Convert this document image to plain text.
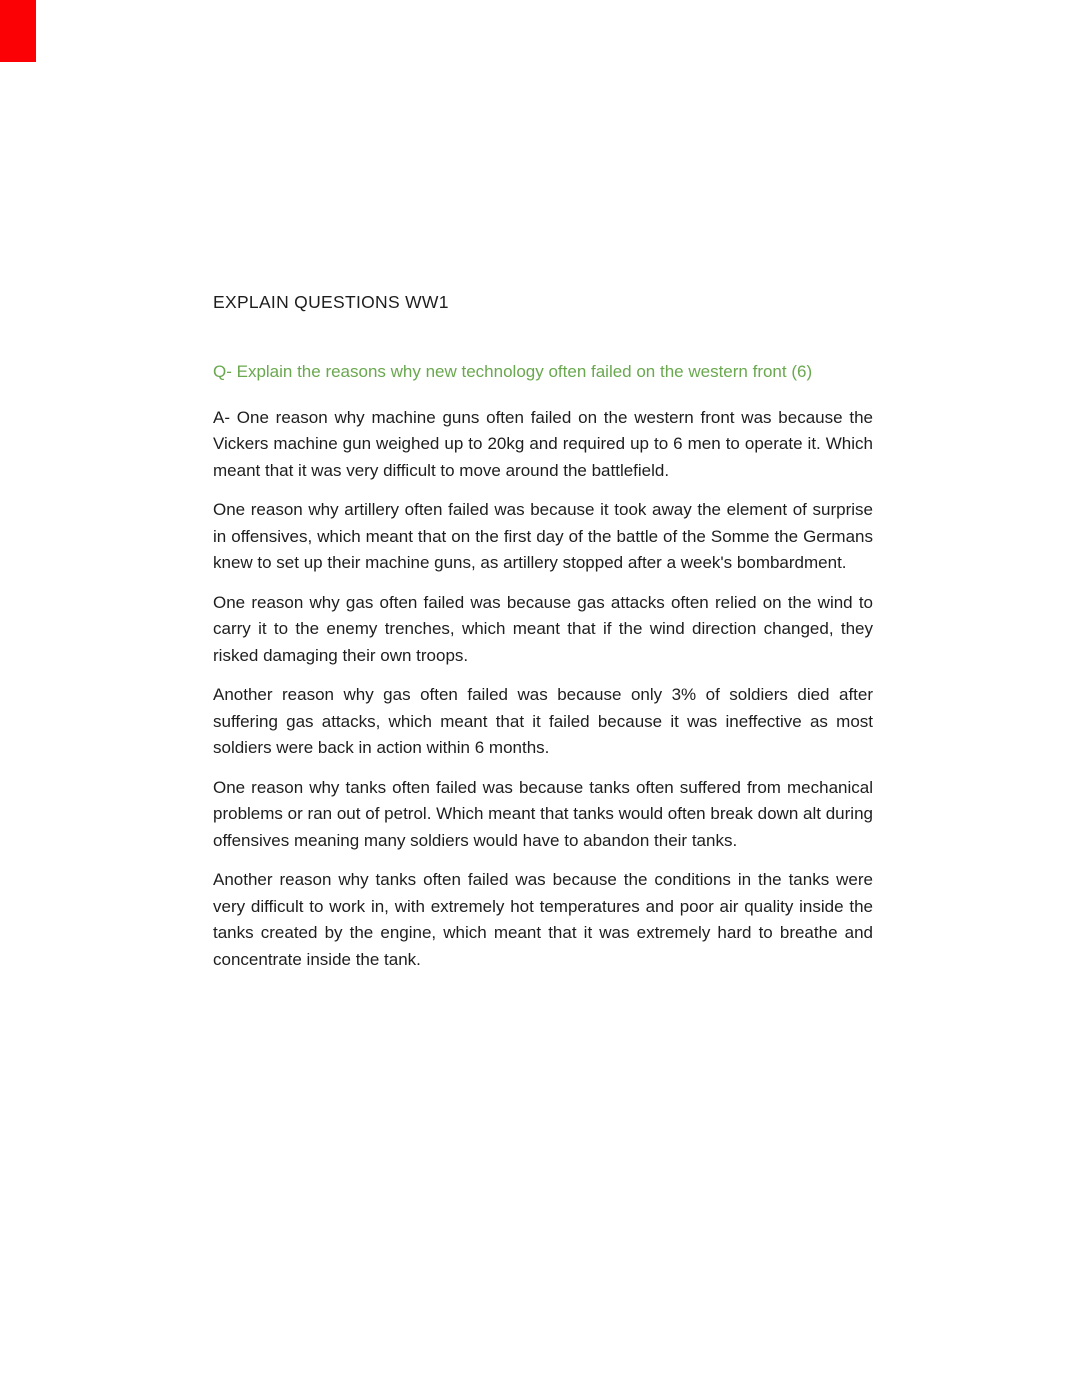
EXPLAIN QUESTIONS WW1

Q- Explain the reasons why new technology often failed on the western front (6)

A- One reason why machine guns often failed on the western front was because the Vickers machine gun weighed up to 20kg and required up to 6 men to operate it. Which meant that it was very difficult to move around the battlefield.

One reason why artillery often failed was because it took away the element of surprise in offensives, which meant that on the first day of the battle of the Somme the Germans knew to set up their machine guns, as artillery stopped after a week's bombardment.

One reason why gas often failed was because gas attacks often relied on the wind to carry it to the enemy trenches, which meant that if the wind direction changed, they risked damaging their own troops.

Another reason why gas often failed was because only 3% of soldiers died after suffering gas attacks, which meant that it failed because it was ineffective as most soldiers were back in action within 6 months.

One reason why tanks often failed was because tanks often suffered from mechanical problems or ran out of petrol. Which meant that tanks would often break down alt during offensives meaning many soldiers would have to abandon their tanks.

Another reason why tanks often failed was because the conditions in the tanks were very difficult to work in, with extremely hot temperatures and poor air quality inside the tanks created by the engine, which meant that it was extremely hard to breathe and concentrate inside the tank.
